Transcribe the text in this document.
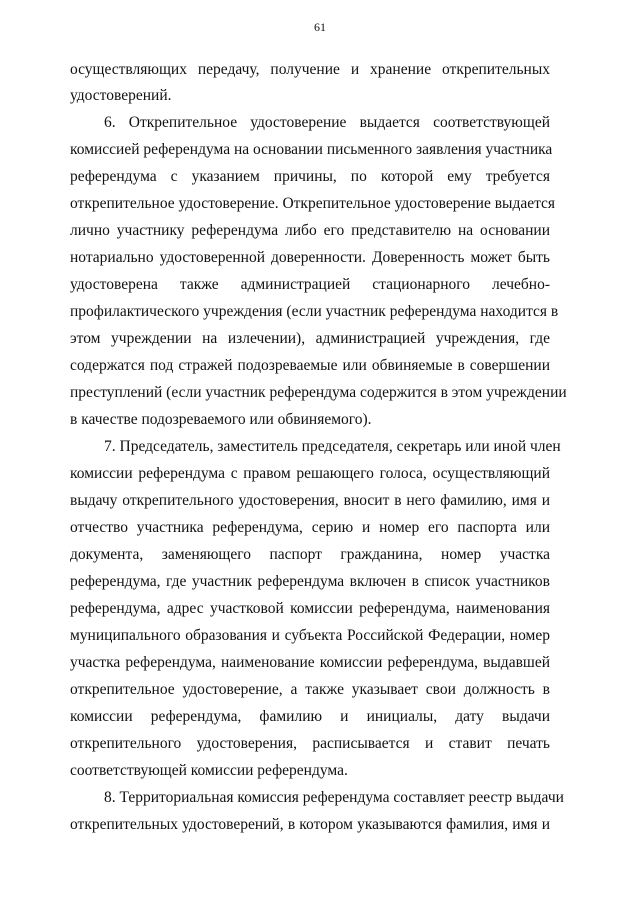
61
осуществляющих передачу, получение и хранение открепительных
удостоверений.
6. Открепительное удостоверение выдается соответствующей
комиссией референдума на основании письменного заявления участника
референдума с указанием причины, по которой ему требуется
открепительное удостоверение. Открепительное удостоверение выдается
лично участнику референдума либо его представителю на основании
нотариально удостоверенной доверенности. Доверенность может быть
удостоверена также администрацией стационарного лечебно-
профилактического учреждения (если участник референдума находится в
этом учреждении на излечении), администрацией учреждения, где
содержатся под стражей подозреваемые или обвиняемые в совершении
преступлений (если участник референдума содержится в этом учреждении
в качестве подозреваемого или обвиняемого).
7. Председатель, заместитель председателя, секретарь или иной член
комиссии референдума с правом решающего голоса, осуществляющий
выдачу открепительного удостоверения, вносит в него фамилию, имя и
отчество участника референдума, серию и номер его паспорта или
документа, заменяющего паспорт гражданина, номер участка
референдума, где участник референдума включен в список участников
референдума, адрес участковой комиссии референдума, наименования
муниципального образования и субъекта Российской Федерации, номер
участка референдума, наименование комиссии референдума, выдавшей
открепительное удостоверение, а также указывает свои должность в
комиссии референдума, фамилию и инициалы, дату выдачи
открепительного удостоверения, расписывается и ставит печать
соответствующей комиссии референдума.
8. Территориальная комиссия референдума составляет реестр выдачи
открепительных удостоверений, в котором указываются фамилия, имя и
